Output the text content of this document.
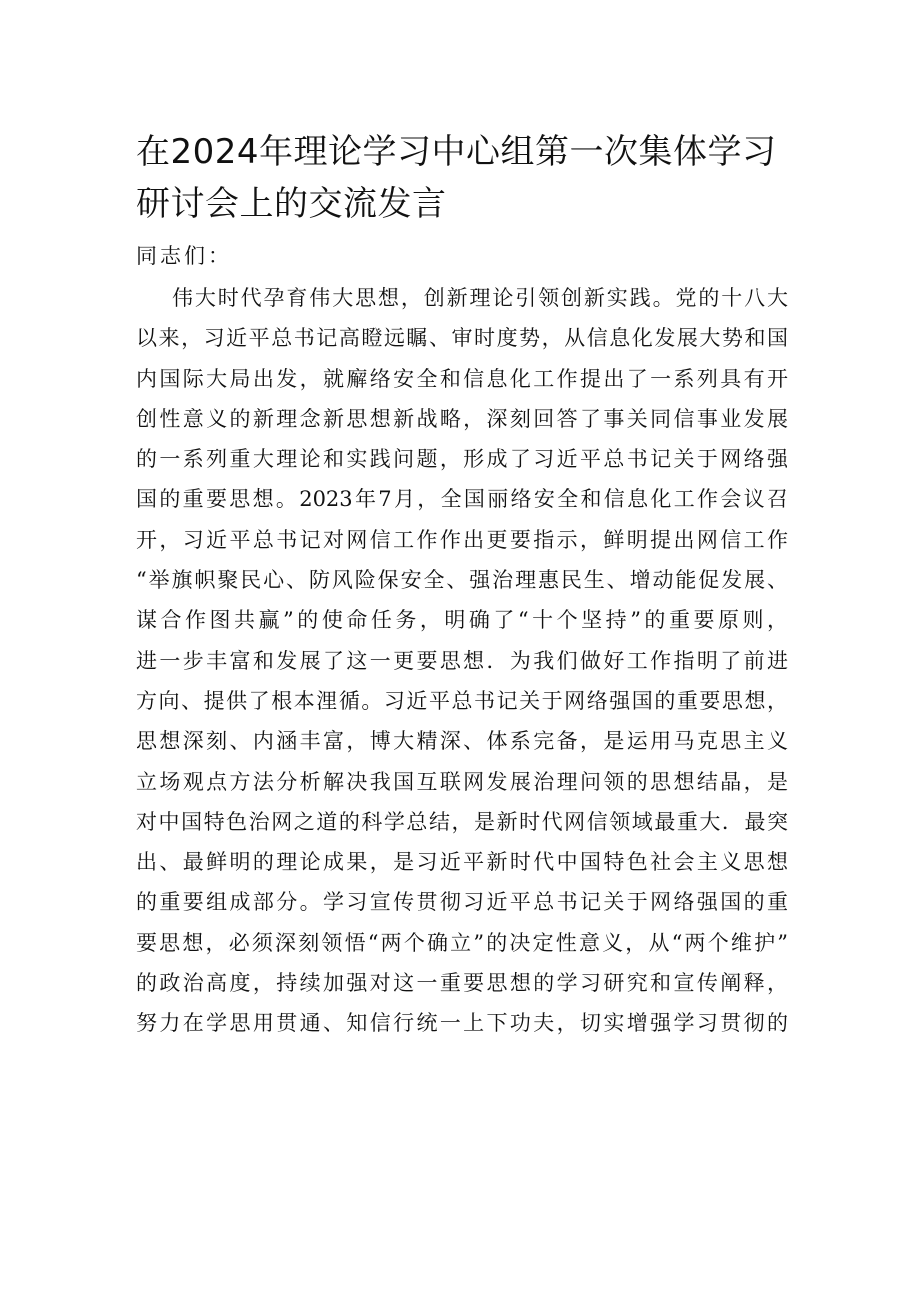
在2024年理论学习中心组第一次集体学习
研讨会上的交流发言

同志们：

伟大时代孕育伟大思想，创新理论引领创新实践。党的十八大
以来，习近平总书记高瞪远瞩、审时度势，从信息化发展大势和国
内国际大局出发，就廨络安全和信息化工作提出了一系列具有开
创性意义的新理念新思想新战略，深刻回答了事关同信事业发展
的一系列重大理论和实践问题，形成了习近平总书记关于网络强
国的重要思想。2023年7月，全国丽络安全和信息化工作会议召
开，习近平总书记对网信工作作出更要指示，鲜明提出网信工作
“举旗帜聚民心、防风险保安全、强治理惠民生、增动能促发展、
谋合作图共赢”的使命任务，明确了“十个坚持”的重要原则，
进一步丰富和发展了这一更要思想．为我们做好工作指明了前进
方向、提供了根本浬循。习近平总书记关于网络强国的重要思想，
思想深刻、内涵丰富，博大精深、体系完备，是运用马克思主义
立场观点方法分析解决我国互联网发展治理问领的思想结晶，是
对中国特色治网之道的科学总结，是新时代网信领域最重大．最突
出、最鲜明的理论成果，是习近平新时代中国特色社会主义思想
的重要组成部分。学习宣传贯彻习近平总书记关于网络强国的重
要思想，必须深刻领悟“两个确立”的决定性意义，从“两个维护”
的政治高度，持续加强对这一重要思想的学习研究和宣传阐释，
努力在学思用贯通、知信行统一上下功夫，切实增强学习贯彻的
